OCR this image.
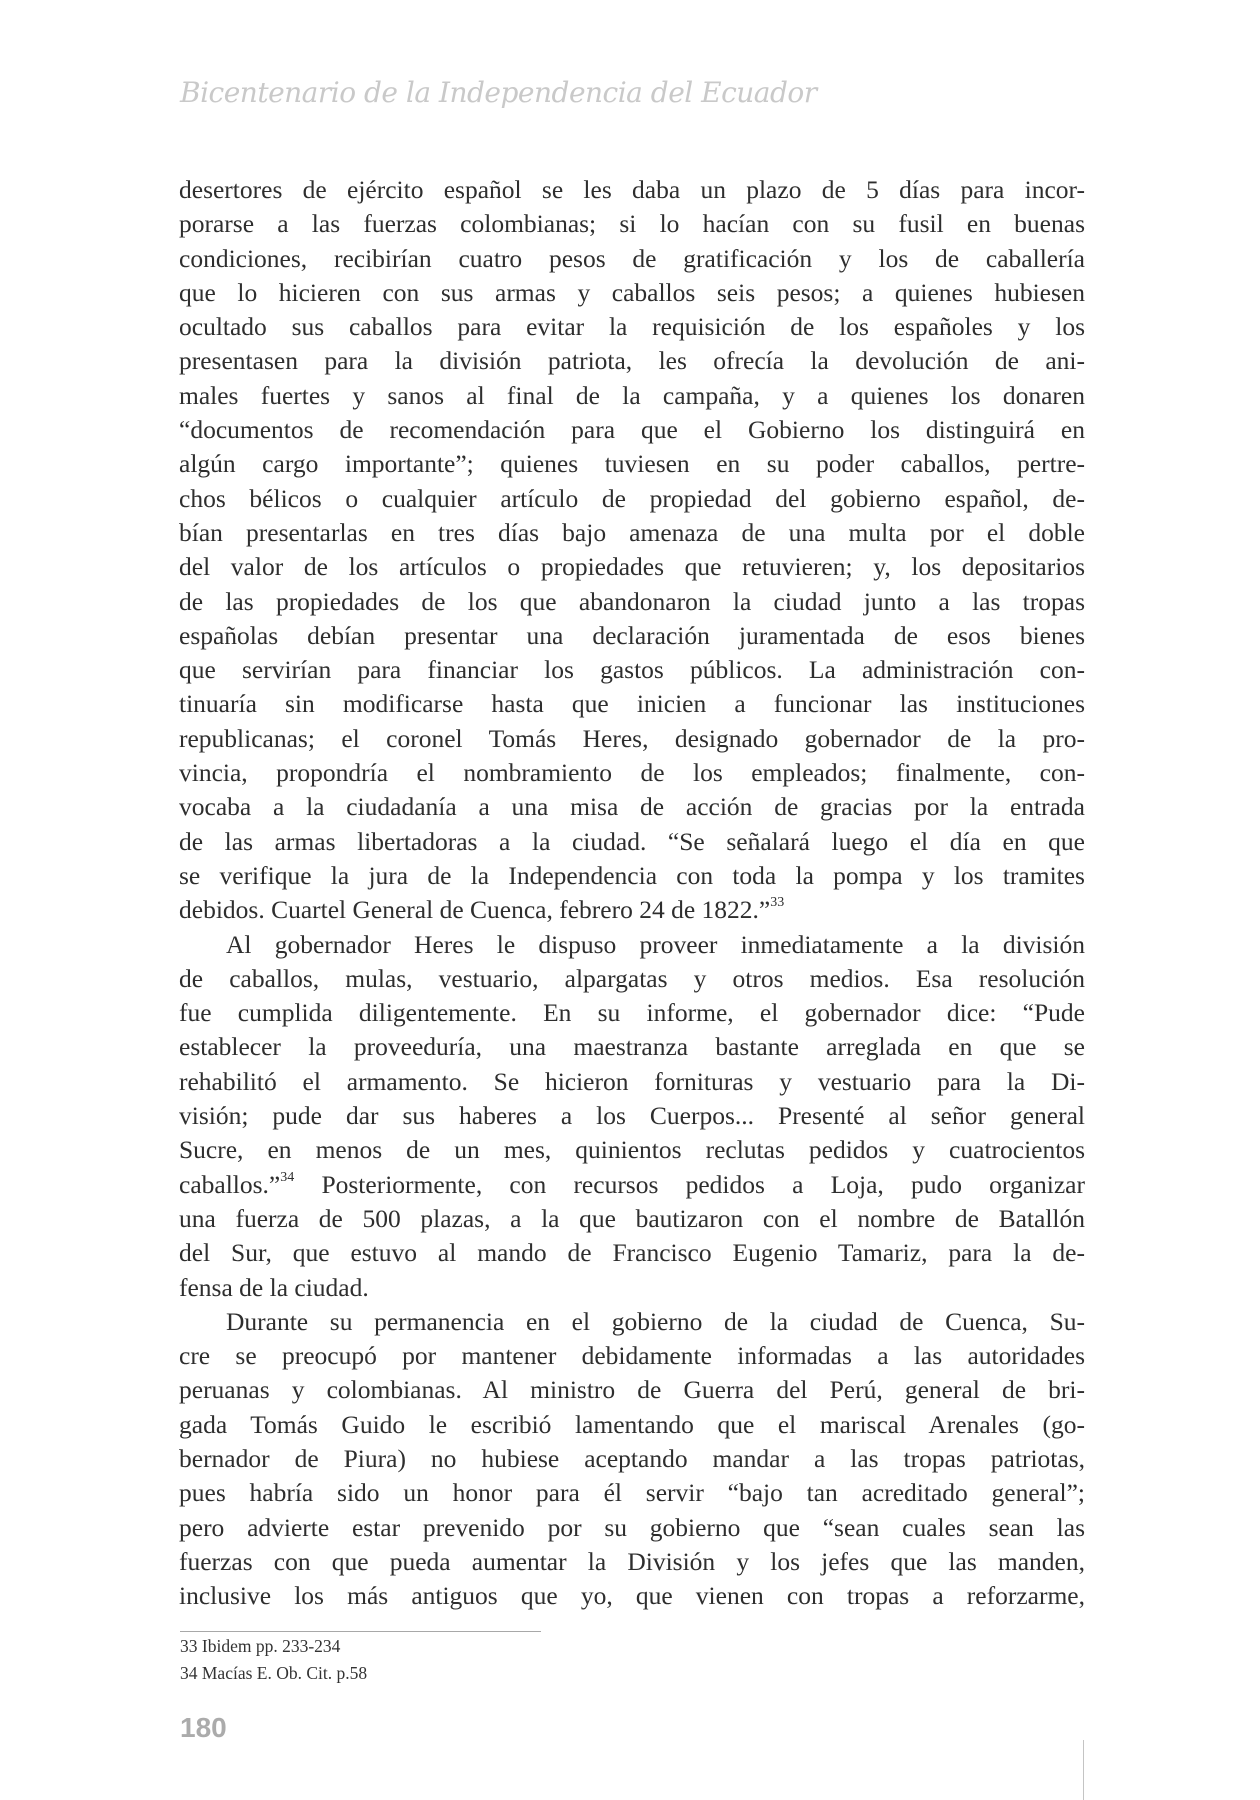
Bicentenario de la Independencia del Ecuador
desertores de ejército español se les daba un plazo de 5 días para incor-
porarse a las fuerzas colombianas; si lo hacían con su fusil en buenas
condiciones, recibirían cuatro pesos de gratificación y los de caballería
que lo hicieren con sus armas y caballos seis pesos; a quienes hubiesen
ocultado sus caballos para evitar la requisición de los españoles y los
presentasen para la división patriota, les ofrecía la devolución de ani-
males fuertes y sanos al final de la campaña, y a quienes los donaren
“documentos de recomendación para que el Gobierno los distinguirá en
algún cargo importante”; quienes tuviesen en su poder caballos, pertre-
chos bélicos o cualquier artículo de propiedad del gobierno español, de-
bían presentarlas en tres días bajo amenaza de una multa por el doble
del valor de los artículos o propiedades que retuvieren; y, los depositarios
de las propiedades de los que abandonaron la ciudad junto a las tropas
españolas debían presentar una declaración juramentada de esos bienes
que servirían para financiar los gastos públicos. La administración con-
tinuaría sin modificarse hasta que inicien a funcionar las instituciones
republicanas; el coronel Tomás Heres, designado gobernador de la pro-
vincia, propondría el nombramiento de los empleados; finalmente, con-
vocaba a la ciudadanía a una misa de acción de gracias por la entrada
de las armas libertadoras a la ciudad. “Se señalará luego el día en que
se verifique la jura de la Independencia con toda la pompa y los tramites
debidos. Cuartel General de Cuenca, febrero 24 de 1822.”$^{33}$
Al gobernador Heres le dispuso proveer inmediatamente a la división
de caballos, mulas, vestuario, alpargatas y otros medios. Esa resolución
fue cumplida diligentemente. En su informe, el gobernador dice: “Pude
establecer la proveeduría, una maestranza bastante arreglada en que se
rehabilitó el armamento. Se hicieron fornituras y vestuario para la Di-
visión; pude dar sus haberes a los Cuerpos... Presenté al señor general
Sucre, en menos de un mes, quinientos reclutas pedidos y cuatrocientos
caballos.”$^{34}$ Posteriormente, con recursos pedidos a Loja, pudo organizar
una fuerza de 500 plazas, a la que bautizaron con el nombre de Batallón
del Sur, que estuvo al mando de Francisco Eugenio Tamariz, para la de-
fensa de la ciudad.
Durante su permanencia en el gobierno de la ciudad de Cuenca, Su-
cre se preocupó por mantener debidamente informadas a las autoridades
peruanas y colombianas. Al ministro de Guerra del Perú, general de bri-
gada Tomás Guido le escribió lamentando que el mariscal Arenales (go-
bernador de Piura) no hubiese aceptando mandar a las tropas patriotas,
pues habría sido un honor para él servir “bajo tan acreditado general”;
pero advierte estar prevenido por su gobierno que “sean cuales sean las
fuerzas con que pueda aumentar la División y los jefes que las manden,
inclusive los más antiguos que yo, que vienen con tropas a reforzarme,
33 Ibidem pp. 233-234
34 Macías E. Ob. Cit. p.58
180
